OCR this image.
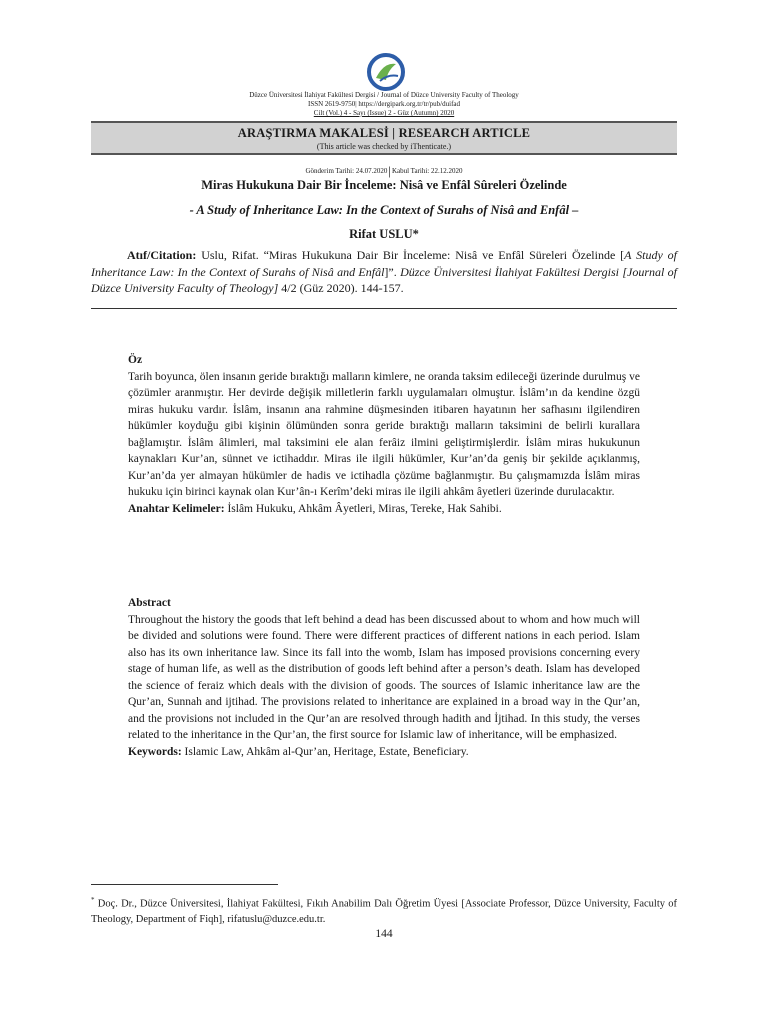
Düzce Üniversitesi İlahiyat Fakültesi Dergisi / Journal of Düzce University Faculty of Theology
ISSN 2619-9750| https://dergipark.org.tr/tr/pub/duifad
Cilt (Vol.) 4 - Sayı (Issue) 2 - Güz (Autumn) 2020
ARAŞTIRMA MAKALESİ | RESEARCH ARTICLE
(This article was checked by iThenticate.)
Gönderim Tarihi: 24.07.2020|Kabul Tarihi: 22.12.2020
Miras Hukukuna Dair Bir İnceleme: Nisâ ve Enfâl Sûreleri Özelinde
- A Study of Inheritance Law: In the Context of Surahs of Nisâ and Enfâl –
Rifat USLU*
Atıf/Citation: Uslu, Rifat. “Miras Hukukuna Dair Bir İnceleme: Nisâ ve Enfâl Süreleri Özelinde [A Study of Inheritance Law: In the Context of Surahs of Nisâ and Enfâl]”. Düzce Üniversitesi İlahiyat Fakültesi Dergisi [Journal of Düzce University Faculty of Theology] 4/2 (Güz 2020). 144-157.
Öz
Tarih boyunca, ölen insanın geride bıraktığı malların kimlere, ne oranda taksim edileceği üzerinde durulmuş ve çözümler aranmıştır. Her devirde değişik milletlerin farklı uygulamaları olmuştur. İslâm’ın da kendine özgü miras hukuku vardır. İslâm, insanın ana rahmine düşmesinden itibaren hayatının her safhasını ilgilendiren hükümler koyduğu gibi kişinin ölümünden sonra geride bıraktığı malların taksimini de belirli kurallara bağlamıştır. İslâm âlimleri, mal taksimini ele alan ferâiz ilmini geliştirmişlerdir. İslâm miras hukukunun kaynakları Kur’an, sünnet ve ictihaddır. Miras ile ilgili hükümler, Kur’an’da geniş bir şekilde açıklanmış, Kur’an’da yer almayan hükümler de hadis ve ictihadla çözüme bağlanmıştır. Bu çalışmamızda İslâm miras hukuku için birinci kaynak olan Kur’ân-ı Kerîm’deki miras ile ilgili ahkâm âyetleri üzerinde durulacaktır.
Anahtar Kelimeler: İslâm Hukuku, Ahkâm Âyetleri, Miras, Tereke, Hak Sahibi.
Abstract
Throughout the history the goods that left behind a dead has been discussed about to whom and how much will be divided and solutions were found. There were different practices of different nations in each period. Islam also has its own inheritance law. Since its fall into the womb, Islam has imposed provisions concerning every stage of human life, as well as the distribution of goods left behind after a person’s death. Islam has developed the science of feraiz which deals with the division of goods. The sources of Islamic inheritance law are the Qur’an, Sunnah and ijtihad. The provisions related to inheritance are explained in a broad way in the Qur’an, and the provisions not included in the Qur’an are resolved through hadith and İjtihad. In this study, the verses related to the inheritance in the Qur’an, the first source for Islamic law of inheritance, will be emphasized.
Keywords: Islamic Law, Ahkâm al-Qur’an, Heritage, Estate, Beneficiary.
* Doç. Dr., Düzce Üniversitesi, İlahiyat Fakültesi, Fıkıh Anabilim Dalı Öğretim Üyesi [Associate Professor, Düzce University, Faculty of Theology, Department of Fiqh], rifatuslu@duzce.edu.tr.
144
